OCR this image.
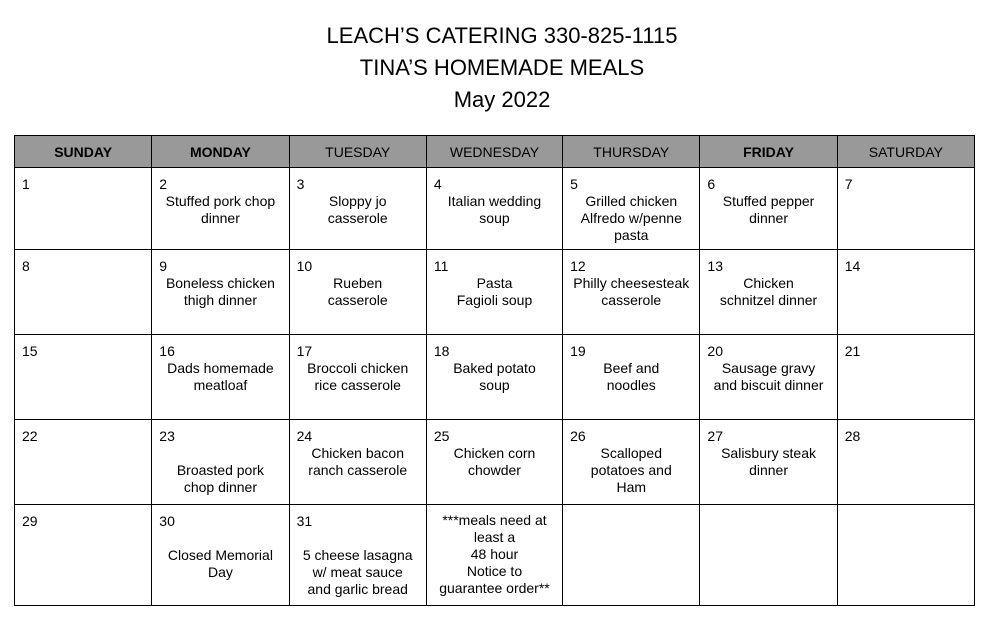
LEACH’S CATERING 330-825-1115
TINA’S HOMEMADE MEALS
May 2022
SUNDAY	MONDAY	TUESDAY	WEDNESDAY	THURSDAY	FRIDAY	SATURDAY

1	2
Stuffed pork chop
dinner	3
Sloppy jo
casserole	4
Italian wedding
soup	5
Grilled chicken
Alfredo w/penne
pasta	6
Stuffed pepper
dinner	7

8	9
Boneless chicken
thigh dinner	10
Rueben
casserole	11
Pasta
Fagioli soup	12
Philly cheesesteak
casserole	13
Chicken
schnitzel dinner	14

15	16
Dads homemade
meatloaf	17
Broccoli chicken
rice casserole	18
Baked potato
soup	19
Beef and
noodles	20
Sausage gravy
and biscuit dinner	21

22	23
Broasted pork
chop dinner	24
Chicken bacon
ranch casserole	25
Chicken corn
chowder	26
Scalloped
potatoes and
Ham	27
Salisbury steak
dinner	28

29	30
Closed Memorial
Day	31
5 cheese lasagna
w/ meat sauce
and garlic bread	***meals need at
least a
48 hour
Notice to
guarantee order**			
